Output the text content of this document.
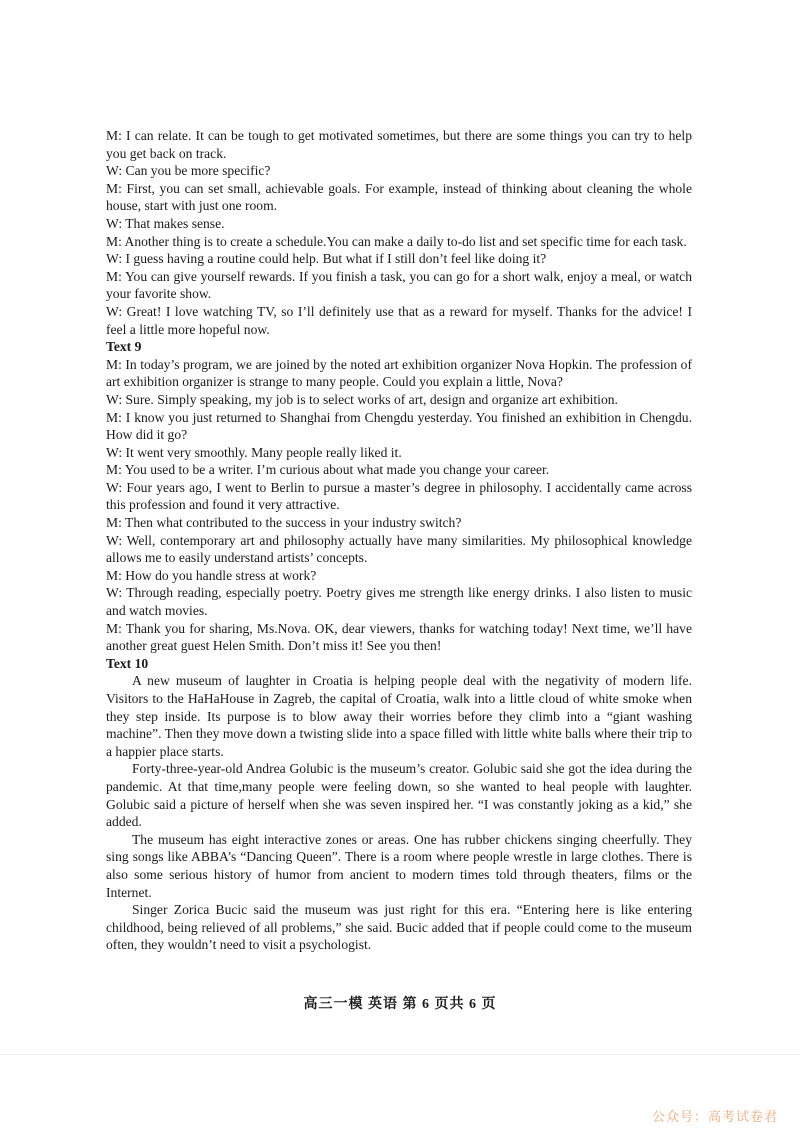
M: I can relate. It can be tough to get motivated sometimes, but there are some things you can try to help you get back on track.

W: Can you be more specific?

M: First, you can set small, achievable goals. For example, instead of thinking about cleaning the whole house, start with just one room.

W: That makes sense.

M: Another thing is to create a schedule.You can make a daily to-do list and set specific time for each task.

W: I guess having a routine could help. But what if I still don’t feel like doing it?

M: You can give yourself rewards. If you finish a task, you can go for a short walk, enjoy a meal, or watch your favorite show.

W: Great! I love watching TV, so I’ll definitely use that as a reward for myself. Thanks for the advice! I feel a little more hopeful now.

Text 9

M: In today’s program, we are joined by the noted art exhibition organizer Nova Hopkin. The profession of art exhibition organizer is strange to many people. Could you explain a little, Nova?

W: Sure. Simply speaking, my job is to select works of art, design and organize art exhibition.

M: I know you just returned to Shanghai from Chengdu yesterday. You finished an exhibition in Chengdu. How did it go?

W: It went very smoothly. Many people really liked it.

M: You used to be a writer. I’m curious about what made you change your career.

W: Four years ago, I went to Berlin to pursue a master’s degree in philosophy. I accidentally came across this profession and found it very attractive.

M: Then what contributed to the success in your industry switch?

W: Well, contemporary art and philosophy actually have many similarities. My philosophical knowledge allows me to easily understand artists’ concepts.

M: How do you handle stress at work?

W: Through reading, especially poetry. Poetry gives me strength like energy drinks. I also listen to music and watch movies.

M: Thank you for sharing, Ms.Nova. OK, dear viewers, thanks for watching today! Next time, we’ll have another great guest Helen Smith. Don’t miss it! See you then!

Text 10

A new museum of laughter in Croatia is helping people deal with the negativity of modern life. Visitors to the HaHaHouse in Zagreb, the capital of Croatia, walk into a little cloud of white smoke when they step inside. Its purpose is to blow away their worries before they climb into a “giant washing machine”. Then they move down a twisting slide into a space filled with little white balls where their trip to a happier place starts.

Forty-three-year-old Andrea Golubic is the museum’s creator. Golubic said she got the idea during the pandemic. At that time,many people were feeling down, so she wanted to heal people with laughter. Golubic said a picture of herself when she was seven inspired her. “I was constantly joking as a kid,” she added.

The museum has eight interactive zones or areas. One has rubber chickens singing cheerfully. They sing songs like ABBA’s “Dancing Queen”. There is a room where people wrestle in large clothes. There is also some serious history of humor from ancient to modern times told through theaters, films or the Internet.

Singer Zorica Bucic said the museum was just right for this era. “Entering here is like entering childhood, being relieved of all problems,” she said. Bucic added that if people could come to the museum often, they wouldn’t need to visit a psychologist.

高三一模 英语 第 6 页共 6 页
公众号：高考试卷君
